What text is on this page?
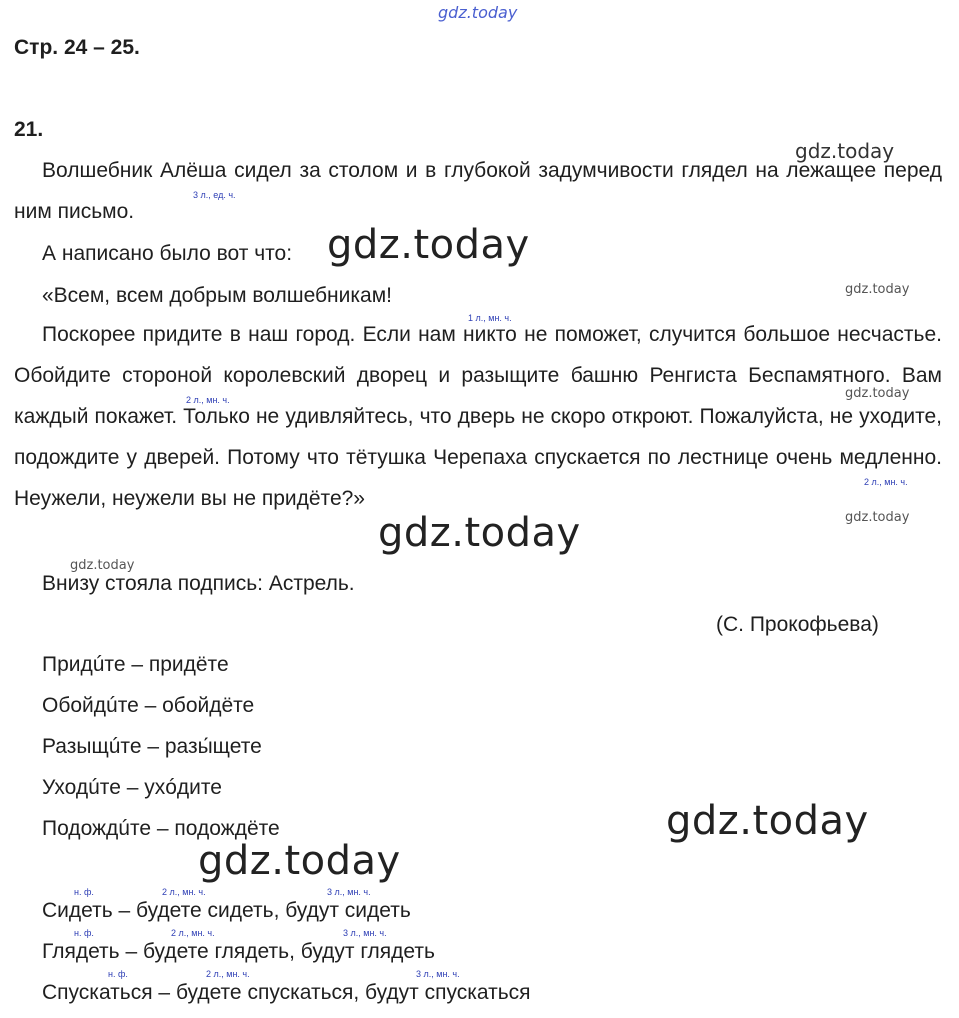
gdz.today
gdz.today
gdz.today
gdz.today
gdz.today
gdz.today
gdz.today
gdz.today
gdz.today
gdz.today
Стр. 24 – 25.
21.
3 л., ед. ч.
1 л., мн. ч.
2 л., мн. ч.
2 л., мн. ч.
Волшебник Алёша сидел за столом и в глубокой задумчивости глядел на лежащее перед ним письмо.
А написано было вот что:
«Всем, всем добрым волшебникам!
Поскорее придите в наш город. Если нам никто не поможет, случится большое несчастье. Обойдите стороной королевский дворец и разыщите башню Ренгиста Беспамятного. Вам каждый покажет. Только не удивляйтесь, что дверь не скоро откроют. Пожалуйста, не уходите, подождите у дверей. Потому что тётушка Черепаха спускается по лестнице очень медленно. Неужели, неужели вы не придёте?»
Внизу стояла подпись: Астрель.
(С. Прокофьева)
Придúте – придёте
Обойдúте – обойдёте
Разыщúте – разы́щете
Уходúте – ухóдите
Подождúте – подождёте
н. ф.	2 л., мн. ч.	3 л., мн. ч.
н. ф.	2 л., мн. ч.	3 л., мн. ч.
н. ф.	2 л., мн. ч.	3 л., мн. ч.
Сидеть – будете сидеть, будут сидеть
Глядеть – будете глядеть, будут глядеть
Спускаться – будете спускаться, будут спускаться
